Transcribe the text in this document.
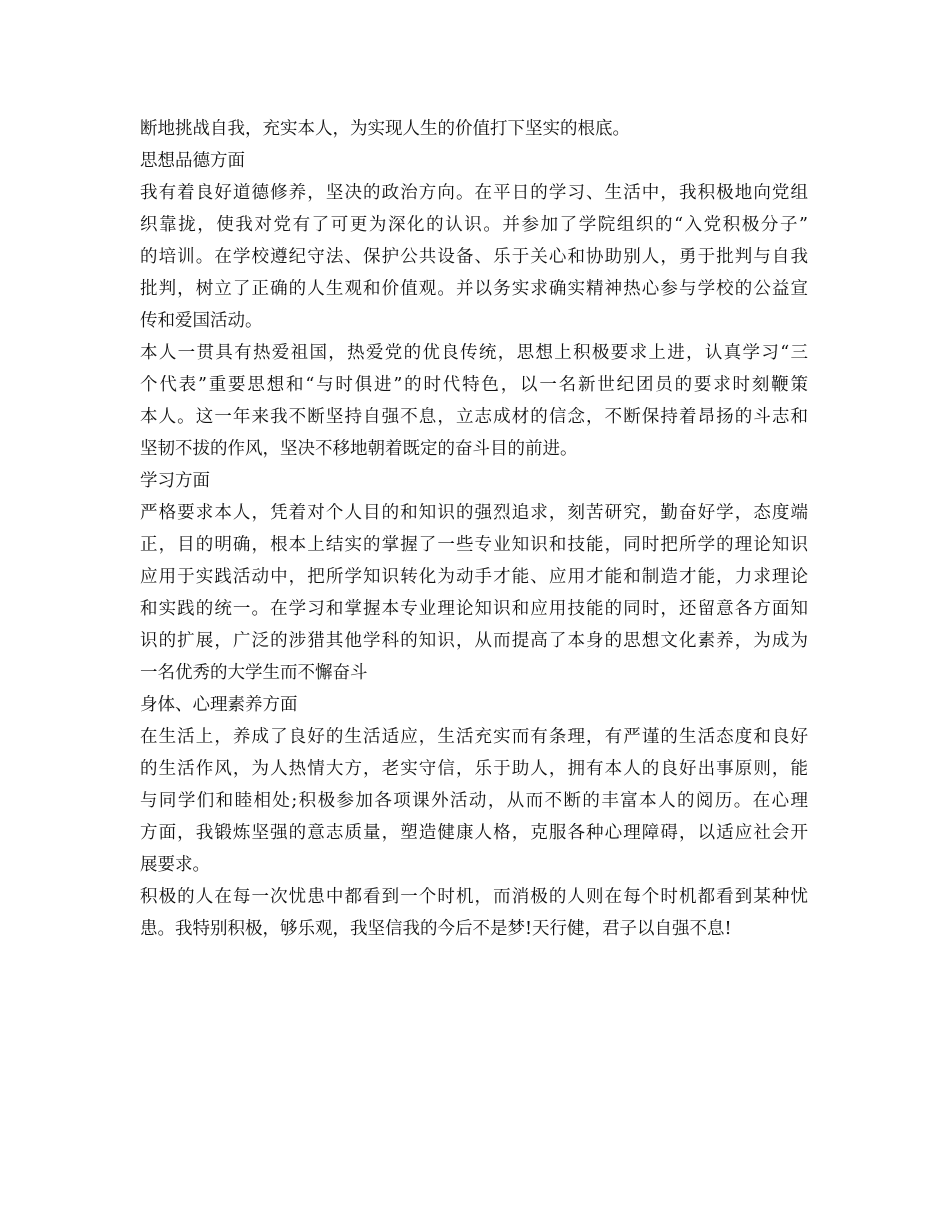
断地挑战自我，充实本人，为实现人生的价值打下坚实的根底。
思想品德方面
我有着良好道德修养，坚决的政治方向。在平日的学习、生活中，我积极地向党组
织靠拢，使我对党有了可更为深化的认识。并参加了学院组织的“入党积极分子”
的培训。在学校遵纪守法、保护公共设备、乐于关心和协助别人，勇于批判与自我
批判，树立了正确的人生观和价值观。并以务实求确实精神热心参与学校的公益宣
传和爱国活动。
本人一贯具有热爱祖国，热爱党的优良传统，思想上积极要求上进，认真学习“三
个代表”重要思想和“与时俱进”的时代特色，以一名新世纪团员的要求时刻鞭策
本人。这一年来我不断坚持自强不息，立志成材的信念，不断保持着昂扬的斗志和
坚韧不拔的作风，坚决不移地朝着既定的奋斗目的前进。
学习方面
严格要求本人，凭着对个人目的和知识的强烈追求，刻苦研究，勤奋好学，态度端
正，目的明确，根本上结实的掌握了一些专业知识和技能，同时把所学的理论知识
应用于实践活动中，把所学知识转化为动手才能、应用才能和制造才能，力求理论
和实践的统一。在学习和掌握本专业理论知识和应用技能的同时，还留意各方面知
识的扩展，广泛的涉猎其他学科的知识，从而提高了本身的思想文化素养，为成为
一名优秀的大学生而不懈奋斗
身体、心理素养方面
在生活上，养成了良好的生活适应，生活充实而有条理，有严谨的生活态度和良好
的生活作风，为人热情大方，老实守信，乐于助人，拥有本人的良好出事原则，能
与同学们和睦相处;积极参加各项课外活动，从而不断的丰富本人的阅历。在心理
方面，我锻炼坚强的意志质量，塑造健康人格，克服各种心理障碍，以适应社会开
展要求。
积极的人在每一次忧患中都看到一个时机，而消极的人则在每个时机都看到某种忧
患。我特别积极，够乐观，我坚信我的今后不是梦!天行健，君子以自强不息!
